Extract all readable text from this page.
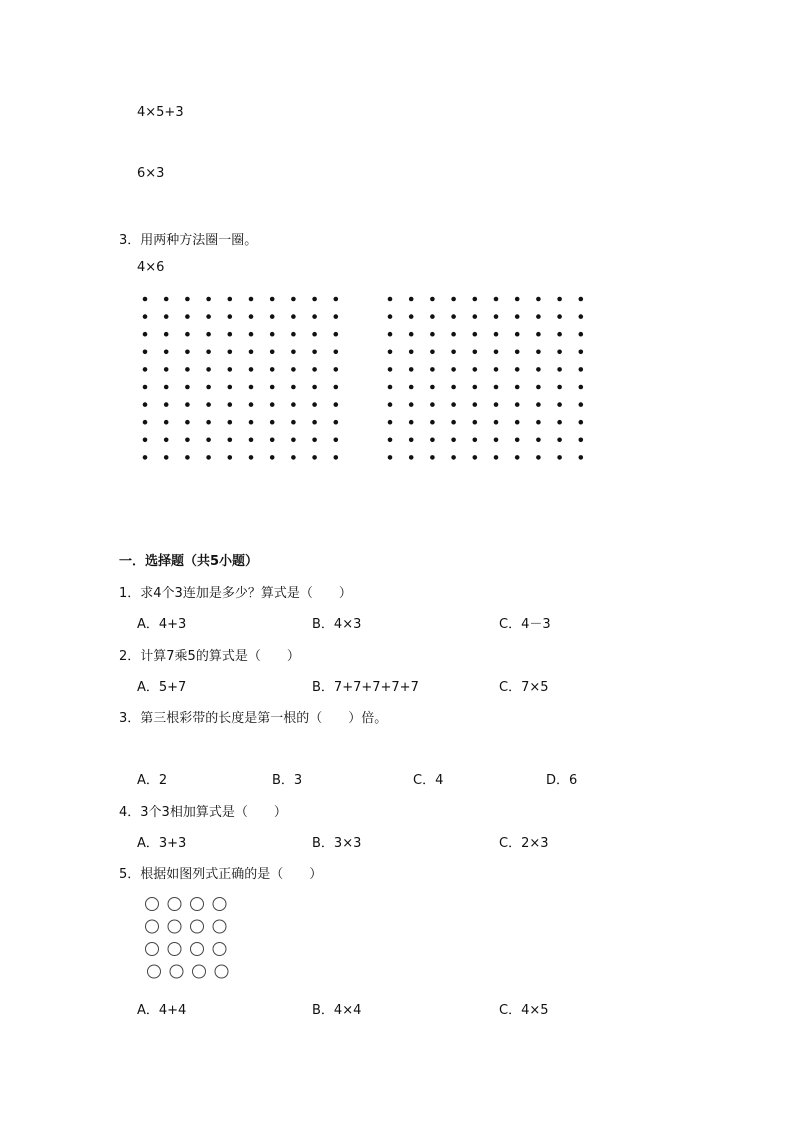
4×5+3
6×3
3．用两种方法圈一圈。
4×6
一．选择题（共5小题）
1．求4个3连加是多少？算式是（　　）
A．4+3	B．4×3	C．4－3
2．计算7乘5的算式是（　　）
A．5+7	B．7+7+7+7+7	C．7×5
3．第三根彩带的长度是第一根的（　　）倍。
A．2	B．3	C．4	D．6
4．3个3相加算式是（　　）
A．3+3	B．3×3	C．2×3
5．根据如图列式正确的是（　　）
A．4+4	B．4×4	C．4×5
